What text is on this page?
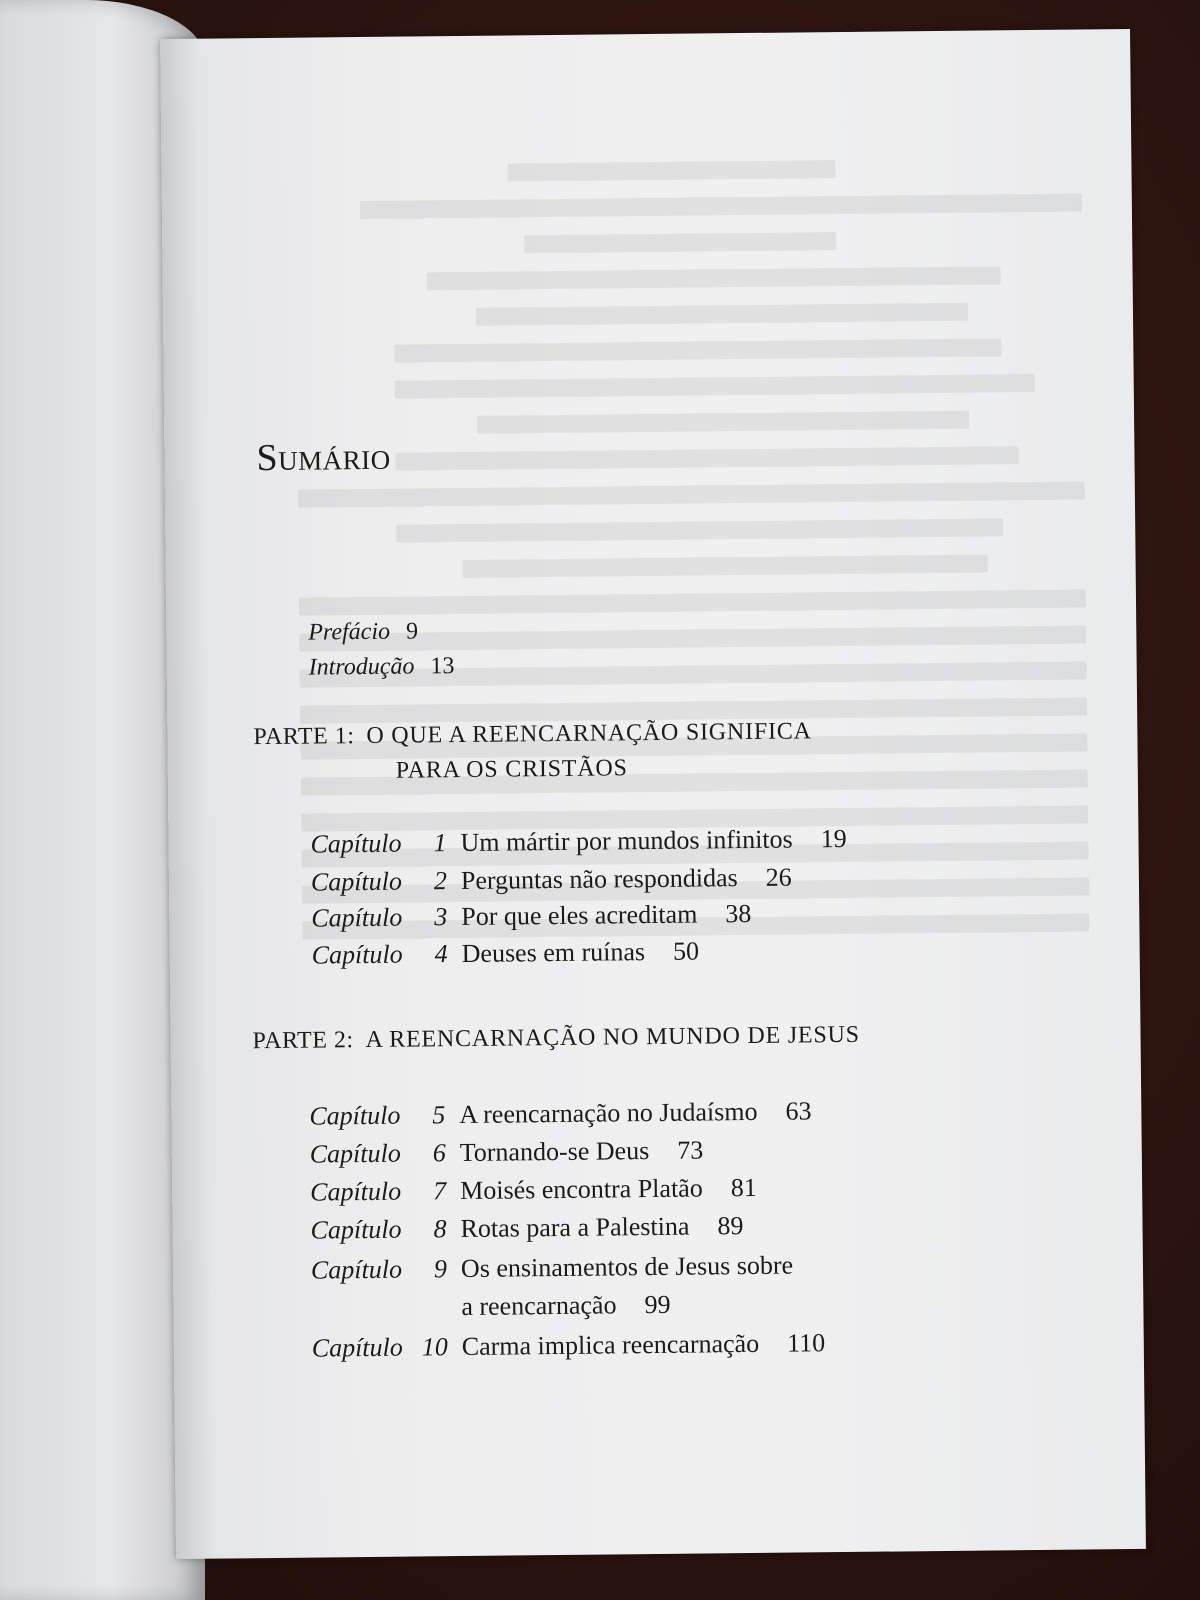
Sumário
Prefácio 9
Introdução 13
PARTE 1: O QUE A REENCARNAÇÃO SIGNIFICA
PARA OS CRISTÃOS
Capítulo	1 Um mártir por mundos infinitos 19
Capítulo	2 Perguntas não respondidas 26
Capítulo	3 Por que eles acreditam 38
Capítulo	4 Deuses em ruínas 50
PARTE 2: A REENCARNAÇÃO NO MUNDO DE JESUS
Capítulo	5 A reencarnação no Judaísmo 63
Capítulo	6 Tornando-se Deus 73
Capítulo	7 Moisés encontra Platão 81
Capítulo	8 Rotas para a Palestina 89
Capítulo	9 Os ensinamentos de Jesus sobre
a reencarnação 99
Capítulo 10 Carma implica reencarnação 110
